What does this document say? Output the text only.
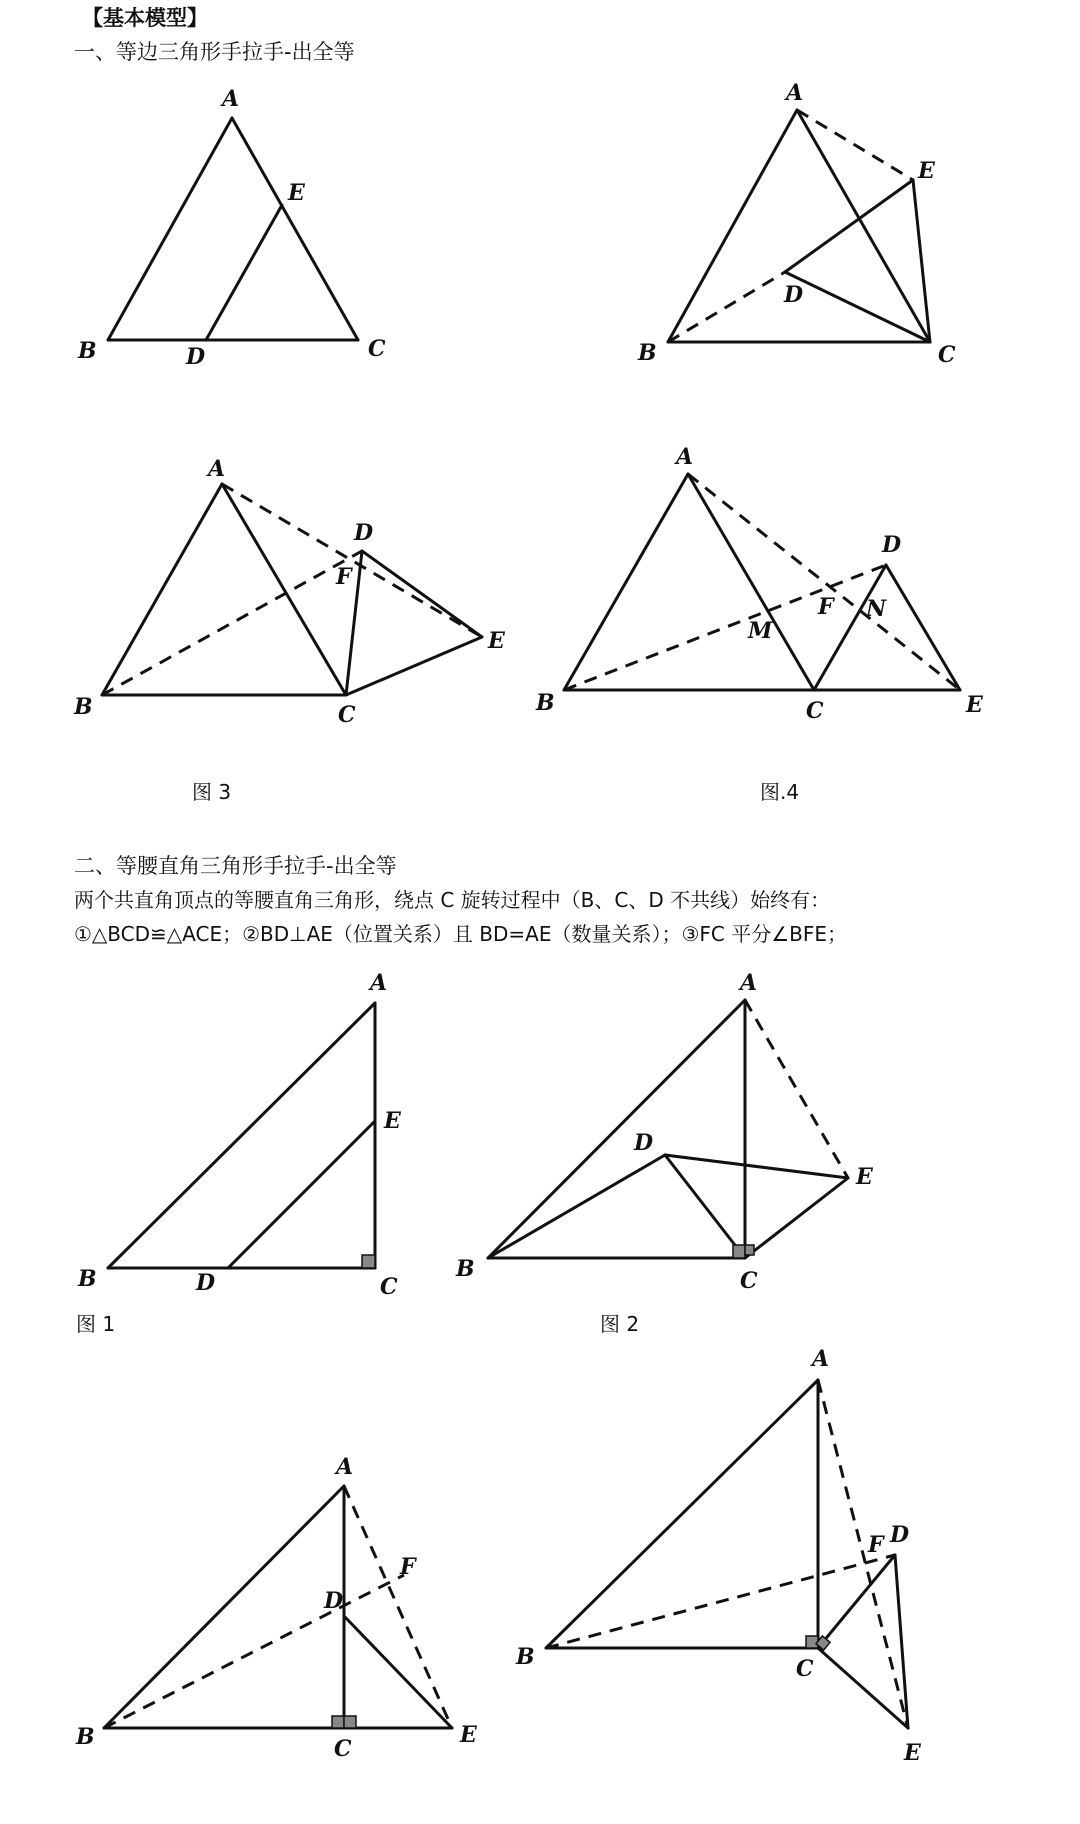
【基本模型】
一、等边三角形手拉手-出全等
图 3	图.4
二、等腰直角三角形手拉手-出全等
两个共直角顶点的等腰直角三角形，绕点 C 旋转过程中（B、C、D 不共线）始终有：
①△BCD≌△ACE；②BD⊥AE（位置关系）且 BD=AE（数量关系）；③FC 平分∠BFE；
图 1	图 2
A
E
B	D	C
A
E
D
B	C
A
D
F
E
B	C
A
D
F N
M
B	C	E
A
E
B	D	C
A
D
E
B	C
A
F
D
B	C
E
A
F D
B	C
E
